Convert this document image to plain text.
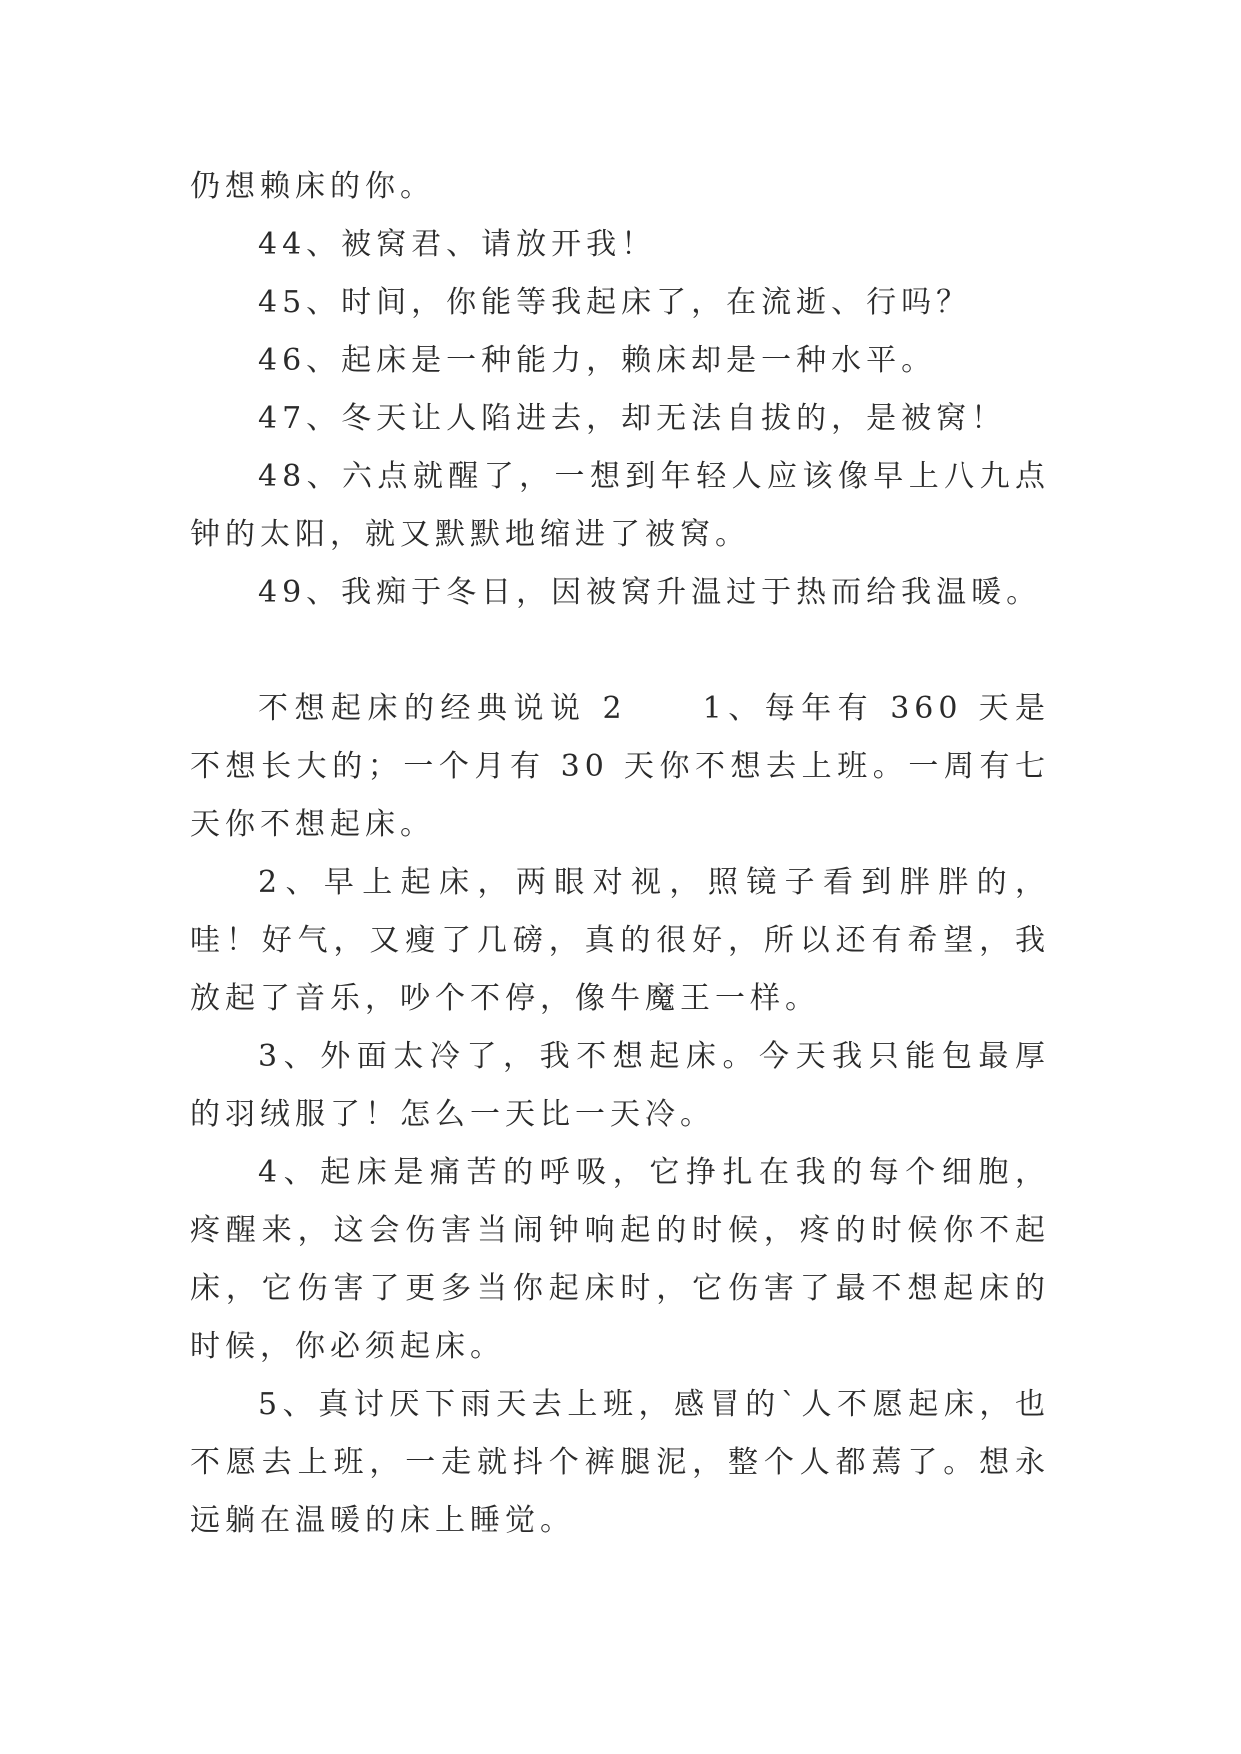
仍想赖床的你。

44、被窝君、请放开我！

45、时间，你能等我起床了，在流逝、行吗？

46、起床是一种能力，赖床却是一种水平。

47、冬天让人陷进去，却无法自拔的，是被窝！

48、六点就醒了，一想到年轻人应该像早上八九点钟的太阳，就又默默地缩进了被窝。

49、我痴于冬日，因被窝升温过于热而给我温暖。

不想起床的经典说说 2	1、每年有 360 天是不想长大的；一个月有 30 天你不想去上班。一周有七天你不想起床。

2、早上起床，两眼对视，照镜子看到胖胖的，哇！好气，又瘦了几磅，真的很好，所以还有希望，我放起了音乐，吵个不停，像牛魔王一样。

3、外面太冷了，我不想起床。今天我只能包最厚的羽绒服了！怎么一天比一天冷。

4、起床是痛苦的呼吸，它挣扎在我的每个细胞，疼醒来，这会伤害当闹钟响起的时候，疼的时候你不起床，它伤害了更多当你起床时，它伤害了最不想起床的时候，你必须起床。

5、真讨厌下雨天去上班，感冒的`人不愿起床，也不愿去上班，一走就抖个裤腿泥，整个人都蔫了。想永远躺在温暖的床上睡觉。
